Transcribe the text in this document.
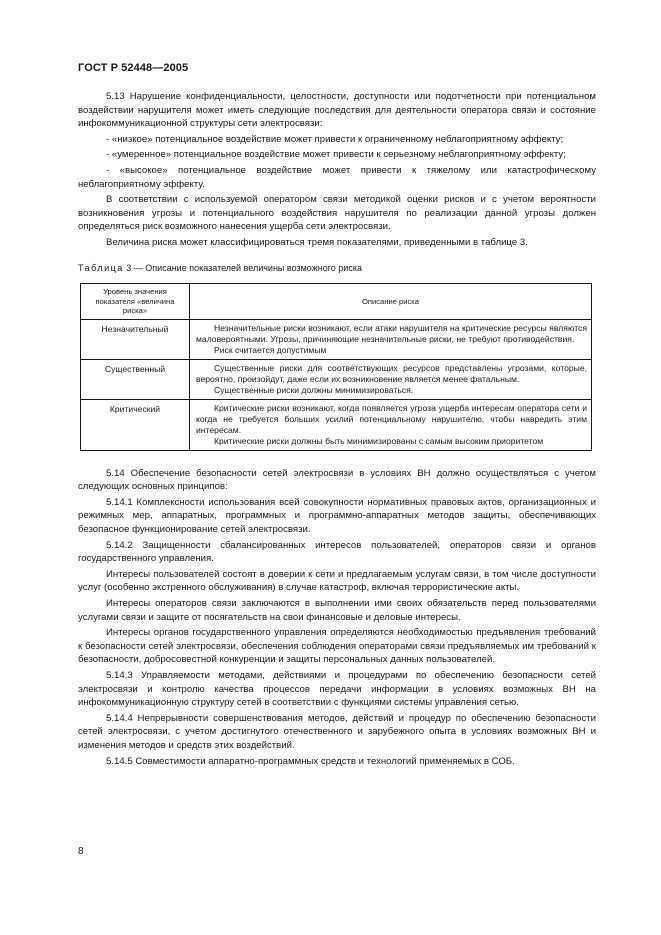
ГОСТ Р 52448—2005

5.13 Нарушение конфиденциальности, целостности, доступности или подотчетности при потенциальном воздействии нарушителя может иметь следующие последствия для деятельности оператора связи и состояние инфокоммуникационной структуры сети электросвязи:

- «низкое» потенциальное воздействие может привести к ограниченному неблагоприятному эффекту;

- «умеренное» потенциальное воздействие может привести к серьезному неблагоприятному эффекту;

- «высокое» потенциальное воздействие может привести к тяжелому или катастрофическому неблагоприятному эффекту.

В соответствии с используемой оператором связи методикой оценки рисков и с учетом вероятности возникновения угрозы и потенциального воздействия нарушителя по реализации данной угрозы должен определяться риск возможного нанесения ущерба сети электросвязи.

Величина риска может классифицироваться тремя показателями, приведенными в таблице 3.

Таблица 3 — Описание показателей величины возможного риска
Уровень значения показателя «величина риска»	Описание риска
Незначительный	Незначительные риски возникают, если атаки нарушителя на критические ресурсы являются маловероятными. Угрозы, причиняющие незначительные риски, не требуют противодействия.

Риск считается допустимым

Существенный	Существенные риски для соответствующих ресурсов представлены угрозами, которые, вероятно, произойдут, даже если их возникновение является менее фатальным.

Существенные риски должны минимизироваться.

Критический	Критические риски возникают, когда появляется угроза ущерба интересам оператора сети и когда не требуется больших усилий потенциальному нарушителю, чтобы навредить этим интересам.

Критические риски должны быть минимизированы с самым высоким приоритетом

5.14 Обеспечение безопасности сетей электросвязи в условиях ВН должно осуществляться с учетом следующих основных принципов:

5.14.1 Комплексности использования всей совокупности нормативных правовых актов, организационных и режимных мер, аппаратных, программных и программно-аппаратных методов защиты, обеспечивающих безопасное функционирование сетей электросвязи.

5.14.2 Защищенности сбалансированных интересов пользователей, операторов связи и органов государственного управления.

Интересы пользователей состоят в доверии к сети и предлагаемым услугам связи, в том числе доступности услуг (особенно экстренного обслуживания) в случае катастроф, включая террористические акты.

Интересы операторов связи заключаются в выполнении ими своих обязательств перед пользователями услугами связи и защите от посягательств на свои финансовые и деловые интересы.

Интересы органов государственного управления определяются необходимостью предъявления требований к безопасности сетей электросвязи, обеспечения соблюдения операторами связи предъявляемых им требований к безопасности, добросовестной конкуренции и защиты персональных данных пользователей.

5.14.3 Управляемости методами, действиями и процедурами по обеспечению безопасности сетей электросвязи и контролю качества процессов передачи информации в условиях возможных ВН на инфокоммуникационную структуру сетей в соответствии с функциями системы управления сетью.

5.14.4 Непрерывности совершенствования методов, действий и процедур по обеспечению безопасности сетей электросвязи, с учетом достигнутого отечественного и зарубежного опыта в условиях возможных ВН и изменения методов и средств этих воздействий.

5.14.5 Совместимости аппаратно-программных средств и технологий применяемых в СОБ.

8
